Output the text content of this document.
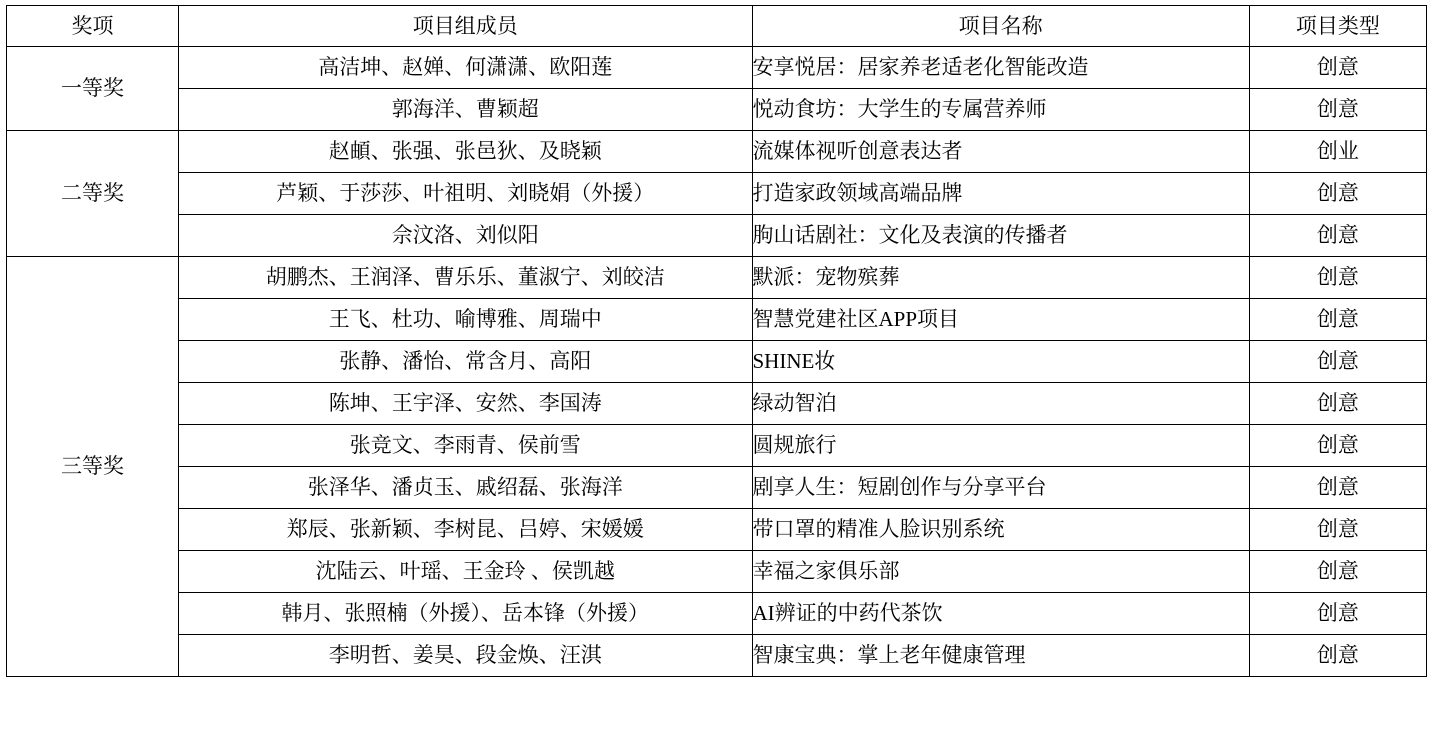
奖项	项目组成员	项目名称	项目类型
一等奖	高洁坤、赵婵、何潇潇、欧阳莲	安享悦居：居家养老适老化智能改造	创意
	郭海洋、曹颖超	悦动食坊：大学生的专属营养师	创意
二等奖	赵頔、张强、张邑狄、及晓颖	流媒体视听创意表达者	创业
	芦颖、于莎莎、叶祖明、刘晓娟（外援）	打造家政领域高端品牌	创意
	佘汶洛、刘似阳	朐山话剧社：文化及表演的传播者	创意
三等奖	胡鹏杰、王润泽、曹乐乐、董淑宁、刘皎洁	默派：宠物殡葬	创意
	王飞、杜功、喻博雅、周瑞中	智慧党建社区APP项目	创意
	张静、潘怡、常含月、高阳	SHINE妆	创意
	陈坤、王宇泽、安然、李国涛	绿动智泊	创意
	张竞文、李雨青、侯前雪	圆规旅行	创意
	张泽华、潘贞玉、戚绍磊、张海洋	剧享人生：短剧创作与分享平台	创意
	郑辰、张新颖、李树昆、吕婷、宋媛媛	带口罩的精准人脸识别系统	创意
	沈陆云、叶瑶、王金玲 、侯凯越	幸福之家俱乐部	创意
	韩月、张照楠（外援）、岳本锋（外援）	AI辨证的中药代茶饮	创意
	李明哲、姜昊、段金焕、汪淇	智康宝典：掌上老年健康管理	创意
